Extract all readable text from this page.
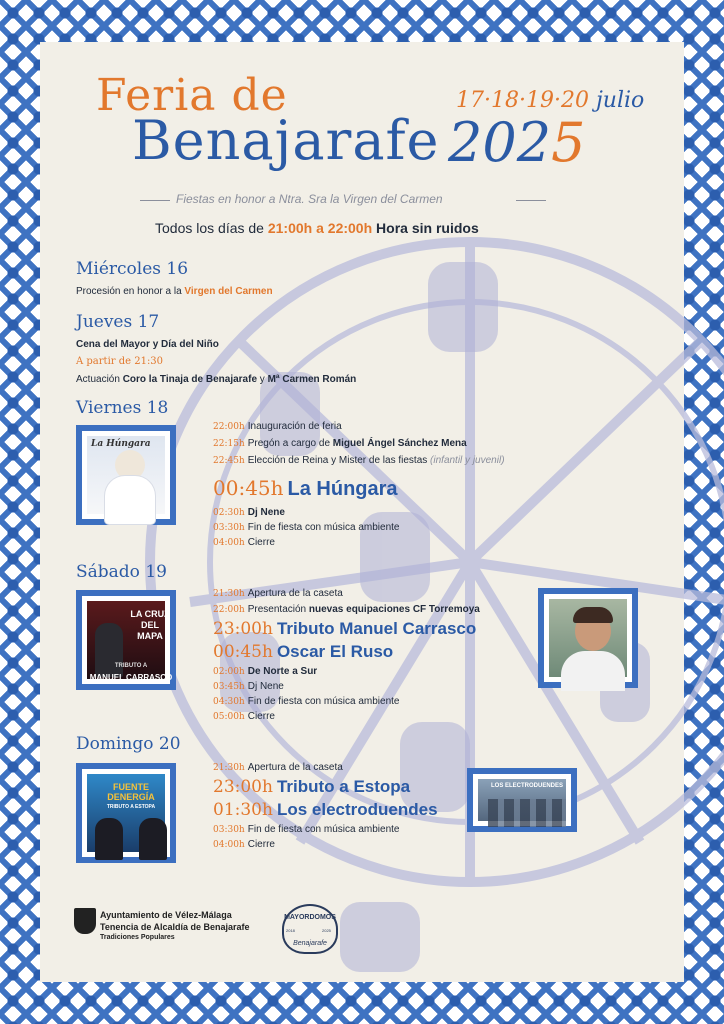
Feria de	17·18·19·20 julio
Benajarafe 2025
Fiestas en honor a Ntra. Sra la Virgen del Carmen
Todos los días de 21:00h a 22:00h Hora sin ruidos
Miércoles 16
Procesión en honor a la Virgen del Carmen
Jueves 17
Cena del Mayor y Día del Niño
A partir de 21:30
Actuación Coro la Tinaja de Benajarafe y Mª Carmen Román
Viernes 18
La Húngara
22:00h Inauguración de feria
22:15h Pregón a cargo de Miguel Ángel Sánchez Mena
22:45h Elección de Reina y Mister de las fiestas (infantil y juvenil)
00:45h La Húngara
02:30h Dj Nene
03:30h Fin de fiesta con música ambiente
04:00h Cierre
Sábado 19
LA CRUZ DEL MAPA
TRIBUTO A
MANUEL CARRASCO
21:30h Apertura de la caseta
22:00h Presentación nuevas equipaciones CF Torremoya
23:00h Tributo Manuel Carrasco
00:45h Oscar El Ruso
02:00h De Norte a Sur
03:45h Dj Nene
04:30h Fin de fiesta con música ambiente
05:00h Cierre
Domingo 20
FUENTE DENERGÍA
TRIBUTO A ESTOPA
LOS ELECTRODUENDES
21:30h Apertura de la caseta
23:00h Tributo a Estopa
01:30h Los electroduendes
03:30h Fin de fiesta con música ambiente
04:00h Cierre
Ayuntamiento de Vélez-Málaga
Tenencia de Alcaldía de Benajarafe
Tradiciones Populares
MAYORDOMOS
2018	2025
Benajarafe
